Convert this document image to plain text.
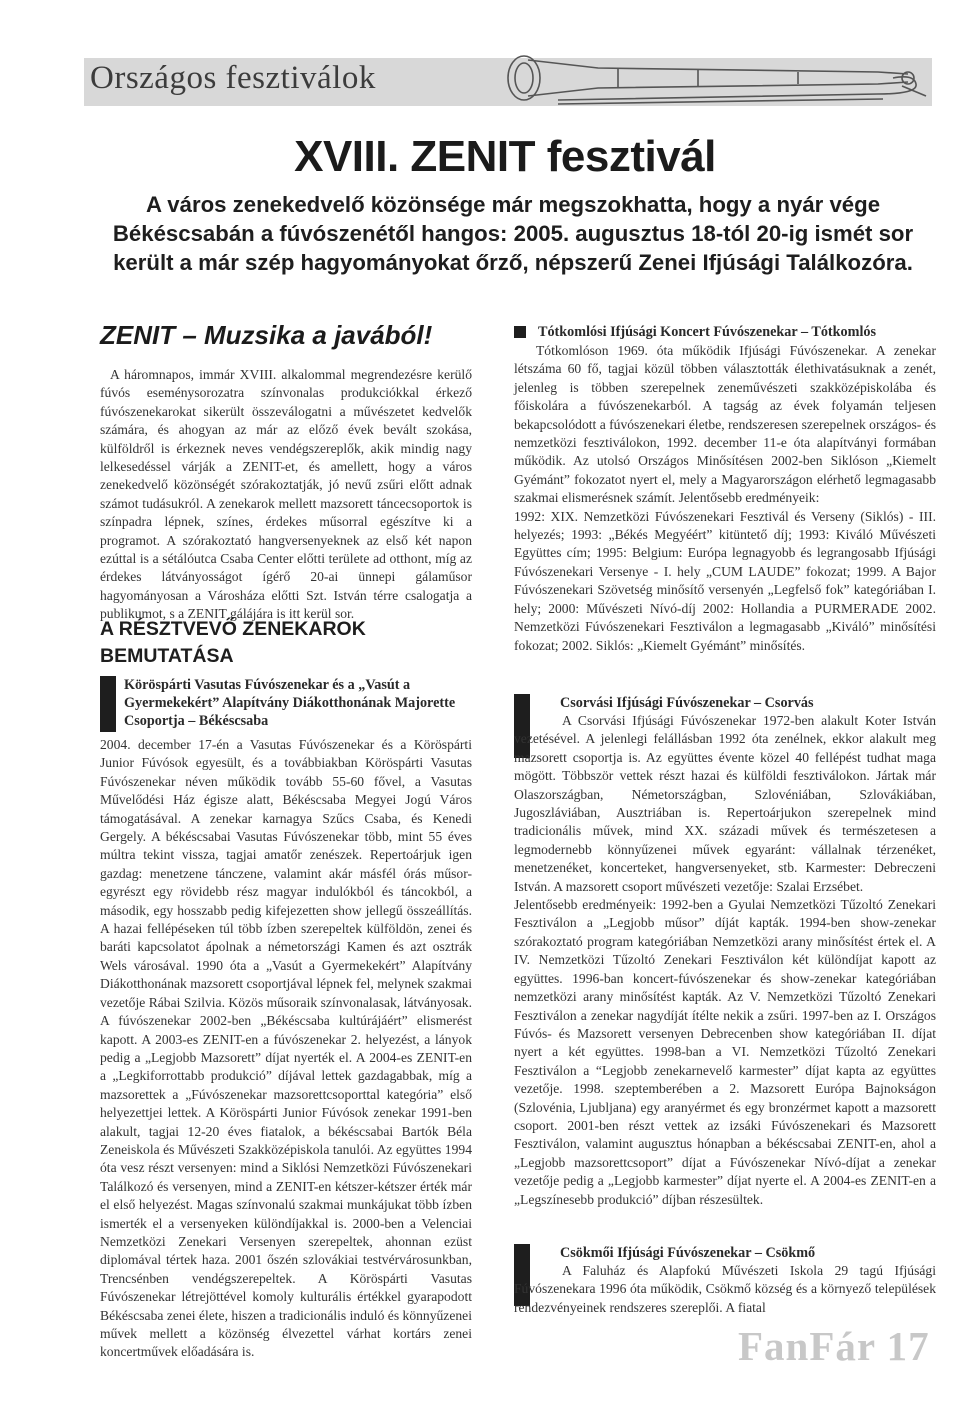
Országos fesztiválok
XVIII. ZENIT fesztivál
A város zenekedvelő közönsége már megszokhatta, hogy a nyár vége Békéscsabán a fúvószenétől hangos: 2005. augusztus 18-tól 20-ig ismét sor került a már szép hagyományokat őrző, népszerű Zenei Ifjúsági Találkozóra.
ZENIT – Muzsika a javából!

A háromnapos, immár XVIII. alkalommal megrendezésre kerülő fúvós eseménysorozatra színvonalas produkciókkal érkező fúvószenekarokat sikerült összeválogatni a művészetet kedvelők számára, és ahogyan az már az előző évek bevált szokása, külföldről is érkeznek neves vendégszereplők, akik mindig nagy lelkesedéssel várják a ZENIT-et, és amellett, hogy a város zenekedvelő közönségét szórakoztatják, jó nevű zsűri előtt adnak számot tudásukról. A zenekarok mellett mazsorett táncecsoportok is színpadra lépnek, színes, érdekes műsorral egészítve ki a programot. A szórakoztató hangversenyeknek az első két napon ezúttal is a sétálóutca Csaba Center előtti területe ad otthont, míg az érdekes látványosságot ígérő 20-ai ünnepi gálaműsor hagyományosan a Városháza előtti Szt. István térre csalogatja a publikumot, s a ZENIT gálájára is itt kerül sor.

A RÉSZTVEVŐ ZENEKAROK BEMUTATÁSA
Köröspárti Vasutas Fúvószenekar és a „Vasút a Gyermekekért” Alapítvány Diákotthonának Majorette Csoportja – Békéscsaba

2004. december 17-én a Vasutas Fúvószenekar és a Köröspárti Junior Fúvósok egyesült, és a továbbiakban Köröspárti Vasutas Fúvószenekar néven működik tovább 55-60 fővel, a Vasutas Művelődési Ház égisze alatt, Békéscsaba Megyei Jogú Város támogatásával. A zenekar karnagya Szűcs Csaba, és Kenedi Gergely. A békéscsabai Vasutas Fúvószenekar több, mint 55 éves múltra tekint vissza, tagjai amatőr zenészek. Repertoárjuk igen gazdag: menetzene tánczene, valamint akár másfél órás műsor- egyrészt egy rövidebb rész magyar indulókból és táncokból, a második, egy hosszabb pedig kifejezetten show jellegű összeállítás. A hazai fellépéseken túl több ízben szerepeltek külföldön, zenei és baráti kapcsolatot ápolnak a németországi Kamen és azt osztrák Wels városával. 1990 óta a „Vasút a Gyermekekért” Alapítvány Diákotthonának mazsorett csoportjával lépnek fel, melynek szakmai vezetője Rábai Szilvia. Közös műsoraik színvonalasak, látványosak. A fúvószenekar 2002-ben „Békéscsaba kultúrájáért” elismerést kapott. A 2003-es ZENIT-en a fúvószenekar 2. helyezést, a lányok pedig a „Legjobb Mazsorett” díjat nyerték el. A 2004-es ZENIT-en a „Legkiforrottabb produkció” díjával lettek gazdagabbak, míg a mazsorettek a „Fúvószenekar mazsorettcsoporttal kategória” első helyezettjei lettek. A Köröspárti Junior Fúvósok zenekar 1991-ben alakult, tagjai 12-20 éves fiatalok, a békéscsabai Bartók Béla Zeneiskola és Művészeti Szakközépiskola tanulói. Az együttes 1994 óta vesz részt versenyen: mind a Siklósi Nemzetközi Fúvószenekari Találkozó és versenyen, mind a ZENIT-en kétszer-kétszer érték már el első helyezést. Magas színvonalú szakmai munkájukat több ízben ismerték el a versenyeken különdíjakkal is. 2000-ben a Velenciai Nemzetközi Zenekari Versenyen szerepeltek, ahonnan ezüst diplomával tértek haza. 2001 őszén szlovákiai testvérvárosunkban, Trencsénben vendégszerepeltek. A Köröspárti Vasutas Fúvószenekar létrejöttével komoly kulturális értékkel gyarapodott Békéscsaba zenei élete, hiszen a tradicionális induló és könnyűzenei művek mellett a közönség élvezettel várhat kortárs zenei koncertművek előadására is.

Tótkomlósi Ifjúsági Koncert Fúvószenekar – Tótkomlós

Tótkomlóson 1969. óta működik Ifjúsági Fúvószenekar. A zenekar létszáma 60 fő, tagjai közül többen választották élethivatásuknak a zenét, jelenleg is többen szerepelnek zeneművészeti szakközépiskolába és főiskolára a fúvószenekarból. A tagság az évek folyamán teljesen bekapcsolódott a fúvószenekari életbe, rendszeresen szerepelnek országos- és nemzetközi fesztiválokon, 1992. december 11-e óta alapítványi formában működik. Az utolsó Országos Minősítésen 2002-ben Siklóson „Kiemelt Gyémánt” fokozatot nyert el, mely a Magyarországon elérhető legmagasabb szakmai elismerésnek számít. Jelentősebb eredményeik:

1992: XIX. Nemzetközi Fúvószenekari Fesztivál és Verseny (Siklós) - III. helyezés; 1993: „Békés Megyéért” kitüntető díj; 1993: Kiváló Művészeti Együttes cím; 1995: Belgium: Európa legnagyobb és legrangosabb Ifjúsági Fúvószenekari Versenye - I. hely „CUM LAUDE” fokozat; 1999. A Bajor Fúvószenekari Szövetség minősítő versenyén „Legfelső fok” kategóriában I. hely; 2000: Művészeti Nívó-díj 2002: Hollandia a PURMERADE 2002. Nemzetközi Fúvószenekari Fesztiválon a legmagasabb „Kiváló” minősítési fokozat; 2002. Siklós: „Kiemelt Gyémánt” minősítés.

Csorvási Ifjúsági Fúvószenekar – Csorvás

A Csorvási Ifjúsági Fúvószenekar 1972-ben alakult Koter István vezetésével. A jelenlegi felállásban 1992 óta zenélnek, ekkor alakult meg mazsorett csoportja is. Az együttes évente közel 40 fellépést tudhat maga mögött. Többször vettek részt hazai és külföldi fesztiválokon. Jártak már Olaszországban, Németországban, Szlovéniában, Szlovákiában, Jugoszláviában, Ausztriában is. Repertoárjukon szerepelnek mind tradicionális művek, mind XX. századi művek és természetesen a legmodernebb könnyűzenei művek egyaránt: vállalnak térzenéket, menetzenéket, koncerteket, hangversenyeket, stb. Karmester: Debreczeni István. A mazsorett csoport művészeti vezetője: Szalai Erzsébet.

Jelentősebb eredményeik: 1992-ben a Gyulai Nemzetközi Tűzoltó Zenekari Fesztiválon a „Legjobb műsor” díját kapták. 1994-ben show-zenekar szórakoztató program kategóriában Nemzetközi arany minősítést értek el. A IV. Nemzetközi Tűzoltó Zenekari Fesztiválon két különdíjat kapott az együttes. 1996-ban koncert-fúvószenekar és show-zenekar kategóriában nemzetközi arany minősítést kapták. Az V. Nemzetközi Tűzoltó Zenekari Fesztiválon a zenekar nagydíját ítélte nekik a zsűri. 1997-ben az I. Országos Fúvós- és Mazsorett versenyen Debrecenben show kategóriában II. díjat nyert a két együttes. 1998-ban a VI. Nemzetközi Tűzoltó Zenekari Fesztiválon a “Legjobb zenekarnevelő karmester” díjat kapta az együttes vezetője. 1998. szeptemberében a 2. Mazsorett Európa Bajnokságon (Szlovénia, Ljubljana) egy aranyérmet és egy bronzérmet kapott a mazsorett csoport. 2001-ben részt vettek az izsáki Fúvószenekari és Mazsorett Fesztiválon, valamint augusztus hónapban a békéscsabai ZENIT-en, ahol a „Legjobb mazsorettcsoport” díjat a Fúvószenekar Nívó-díjat a zenekar vezetője pedig a „Legjobb karmester” díjat nyerte el. A 2004-es ZENIT-en a „Legszínesebb produkció” díjban részesültek.

Csökmői Ifjúsági Fúvószenekar – Csökmő

A Faluház és Alapfokú Művészeti Iskola 29 tagú Ifjúsági Fúvószenekara 1996 óta működik, Csökmő község és a környező települések rendezvényeinek rendszeres szereplői. A fiatal

FanFár 17
